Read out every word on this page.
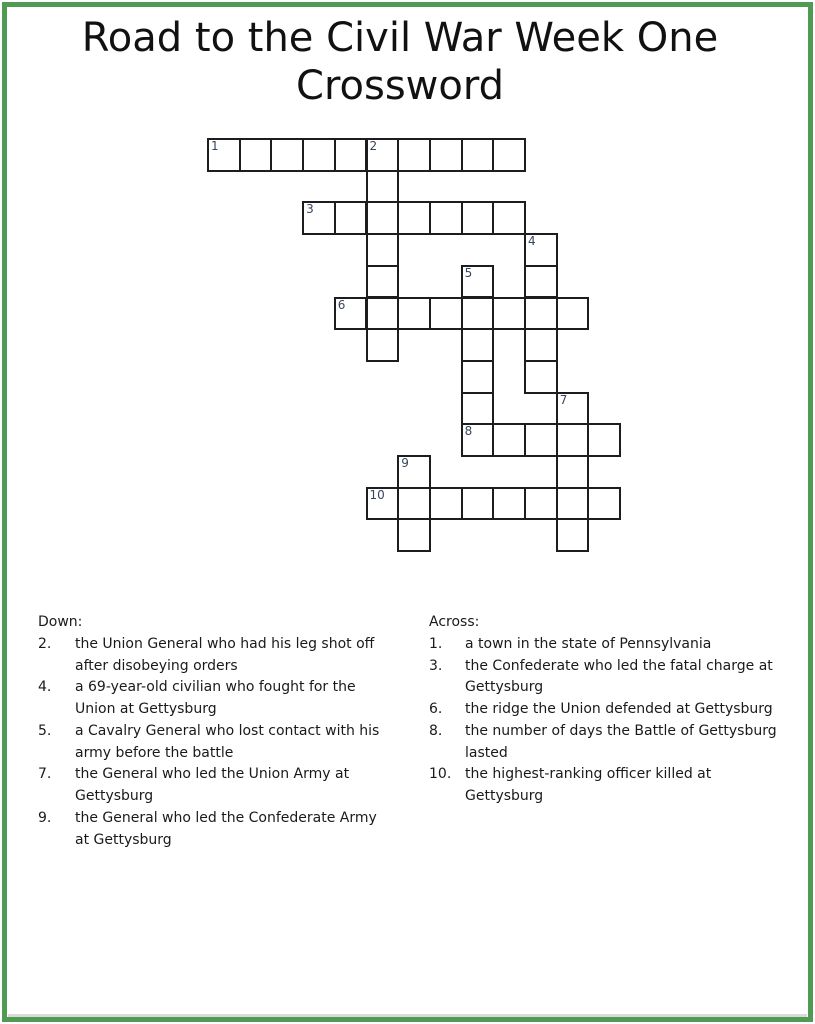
Road to the Civil War Week One
Crossword
1	2
3
4
5
6
7
8
9
10
Down:
2.	the Union General who had his leg shot off after disobeying orders
4.	a 69-year-old civilian who fought for the Union at Gettysburg
5.	a Cavalry General who lost contact with his army before the battle
7.	the General who led the Union Army at Gettysburg
9.	the General who led the Confederate Army at Gettysburg
Across:
1.	a town in the state of Pennsylvania
3.	the Confederate who led the fatal charge at Gettysburg
6.	the ridge the Union defended at Gettysburg
8.	the number of days the Battle of Gettysburg lasted
10. the highest-ranking officer killed at Gettysburg
